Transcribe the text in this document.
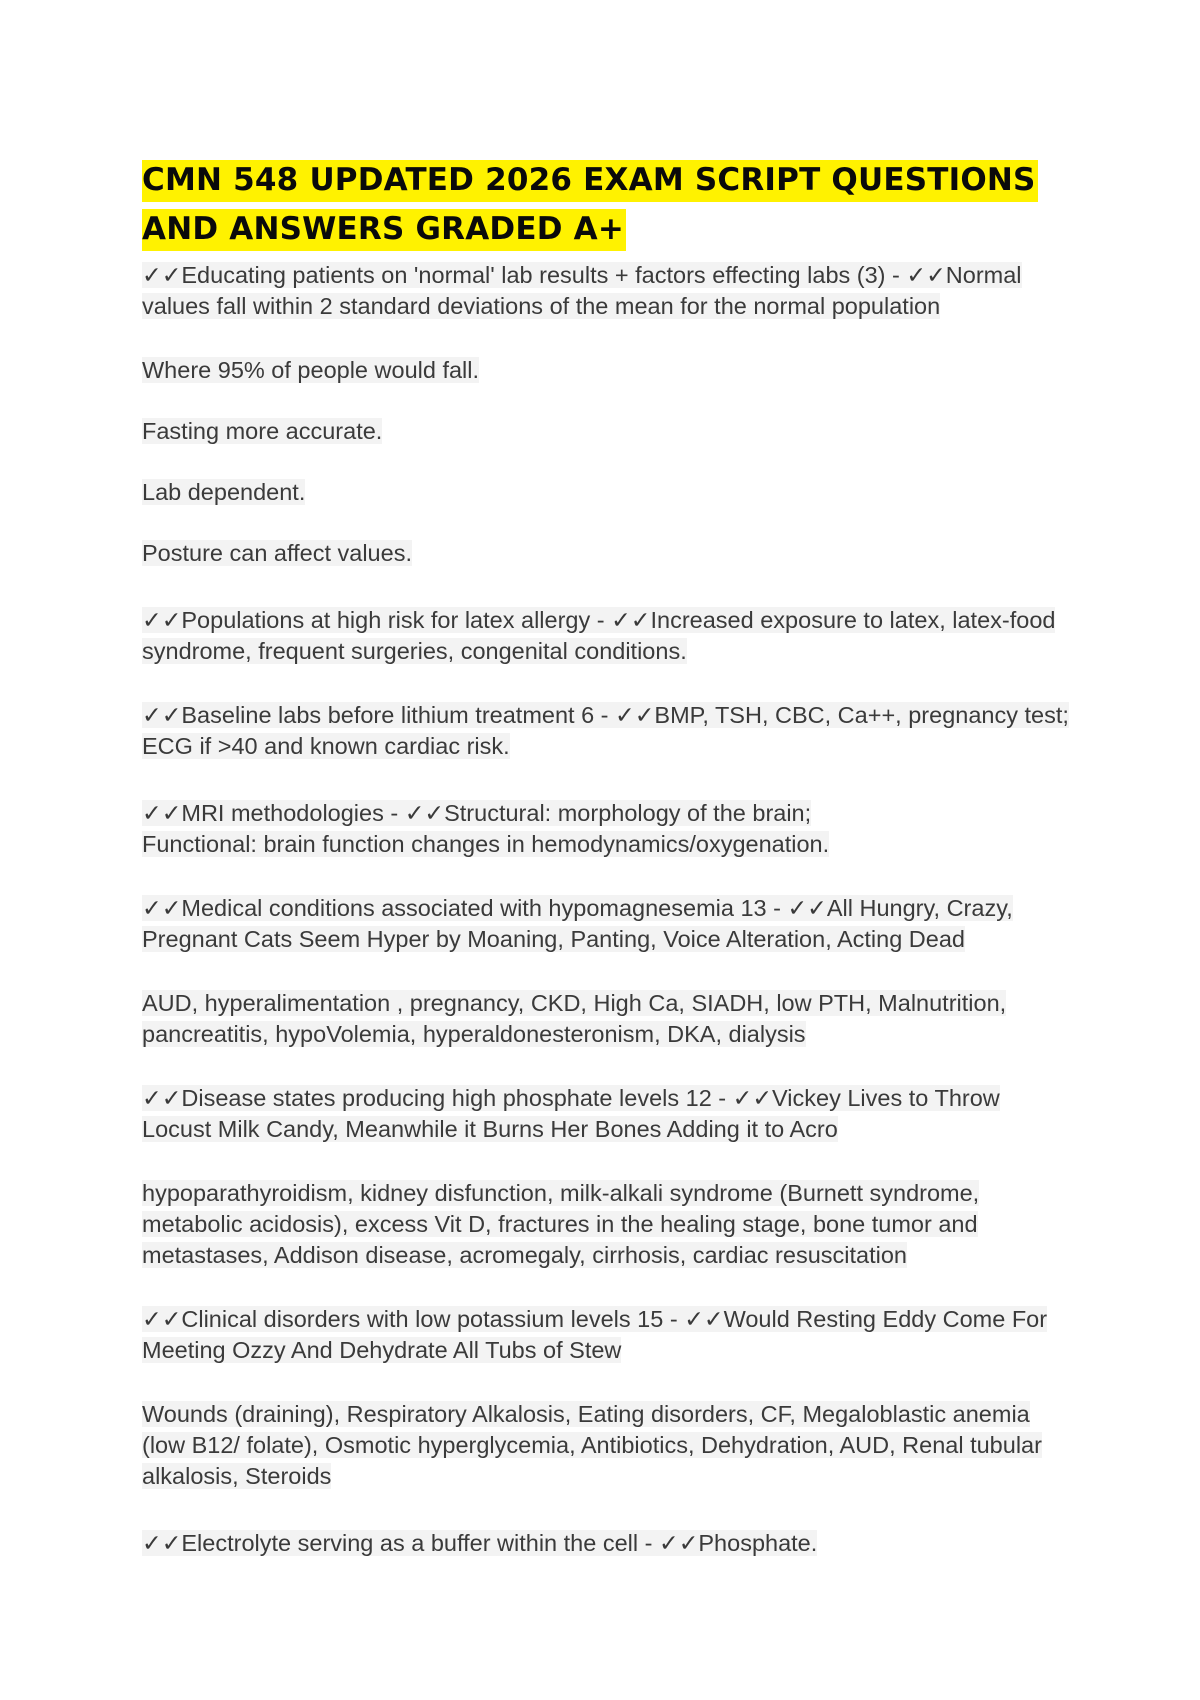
CMN 548 UPDATED 2026 EXAM SCRIPT QUESTIONS AND ANSWERS GRADED A+

✓✓Educating patients on 'normal' lab results + factors effecting labs (3) - ✓✓Normal values fall within 2 standard deviations of the mean for the normal population

Where 95% of people would fall.

Fasting more accurate.

Lab dependent.

Posture can affect values.

✓✓Populations at high risk for latex allergy - ✓✓Increased exposure to latex, latex-food syndrome, frequent surgeries, congenital conditions.

✓✓Baseline labs before lithium treatment 6 - ✓✓BMP, TSH, CBC, Ca++, pregnancy test; ECG if >40 and known cardiac risk.

✓✓MRI methodologies - ✓✓Structural: morphology of the brain;

Functional: brain function changes in hemodynamics/oxygenation.

✓✓Medical conditions associated with hypomagnesemia 13 - ✓✓All Hungry, Crazy, Pregnant Cats Seem Hyper by Moaning, Panting, Voice Alteration, Acting Dead

AUD, hyperalimentation , pregnancy, CKD, High Ca, SIADH, low PTH, Malnutrition, pancreatitis, hypoVolemia, hyperaldonesteronism, DKA, dialysis

✓✓Disease states producing high phosphate levels 12 - ✓✓Vickey Lives to Throw Locust Milk Candy, Meanwhile it Burns Her Bones Adding it to Acro

hypoparathyroidism, kidney disfunction, milk-alkali syndrome (Burnett syndrome, metabolic acidosis), excess Vit D, fractures in the healing stage, bone tumor and metastases, Addison disease, acromegaly, cirrhosis, cardiac resuscitation

✓✓Clinical disorders with low potassium levels 15 - ✓✓Would Resting Eddy Come For Meeting Ozzy And Dehydrate All Tubs of Stew

Wounds (draining), Respiratory Alkalosis, Eating disorders, CF, Megaloblastic anemia (low B12/ folate), Osmotic hyperglycemia, Antibiotics, Dehydration, AUD, Renal tubular alkalosis, Steroids

✓✓Electrolyte serving as a buffer within the cell - ✓✓Phosphate.
